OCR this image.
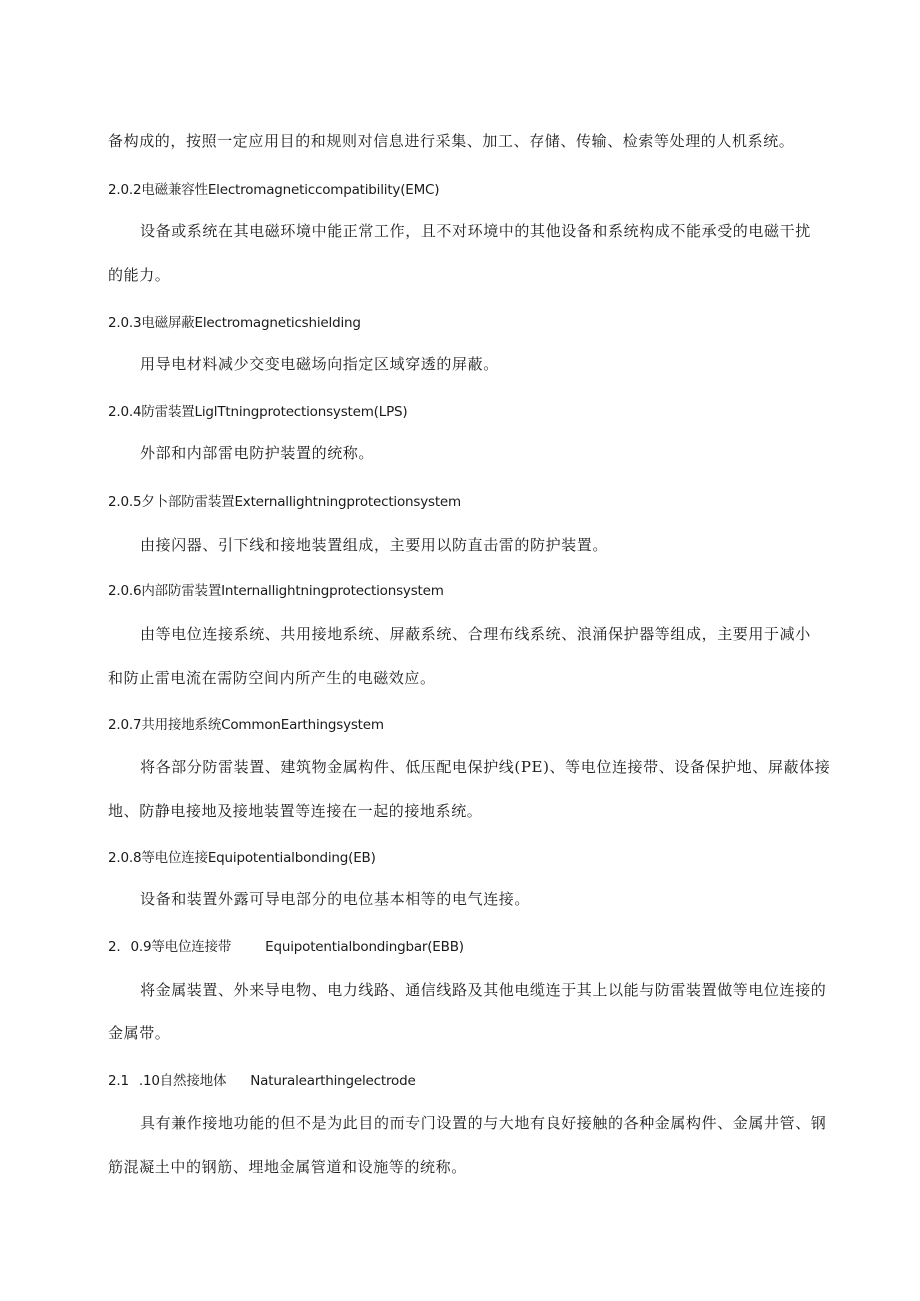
备构成的，按照一定应用目的和规则对信息进行采集、加工、存储、传输、检索等处理的人机系统。

2.0.2电磁兼容性Electromagneticcompatibility(EMC)

设备或系统在其电磁环境中能正常工作，且不对环境中的其他设备和系统构成不能承受的电磁干扰

的能力。

2.0.3电磁屏蔽Electromagneticshielding

用导电材料减少交变电磁场向指定区域穿透的屏蔽。

2.0.4防雷装置LiglTtningprotectionsystem(LPS)

外部和内部雷电防护装置的统称。

2.0.5夕卜部防雷装置Externallightningprotectionsystem

由接闪器、引下线和接地装置组成，主要用以防直击雷的防护装置。

2.0.6内部防雷装置Internallightningprotectionsystem

由等电位连接系统、共用接地系统、屏蔽系统、合理布线系统、浪涌保护器等组成，主要用于减小

和防止雷电流在需防空间内所产生的电磁效应。

2.0.7共用接地系统CommonEarthingsystem

将各部分防雷装置、建筑物金属构件、低压配电保护线(PE)、等电位连接带、设备保护地、屏蔽体接

地、防静电接地及接地装置等连接在一起的接地系统。

2.0.8等电位连接Equipotentialbonding(EB)

设备和装置外露可导电部分的电位基本相等的电气连接。

2. 0.9等电位连接带	Equipotentialbondingbar(EBB)

将金属装置、外来导电物、电力线路、通信线路及其他电缆连于其上以能与防雷装置做等电位连接的

金属带。

2.1 .10自然接地体 Naturalearthingelectrode

具有兼作接地功能的但不是为此目的而专门设置的与大地有良好接触的各种金属构件、金属井管、钢

筋混凝土中的钢筋、埋地金属管道和设施等的统称。
